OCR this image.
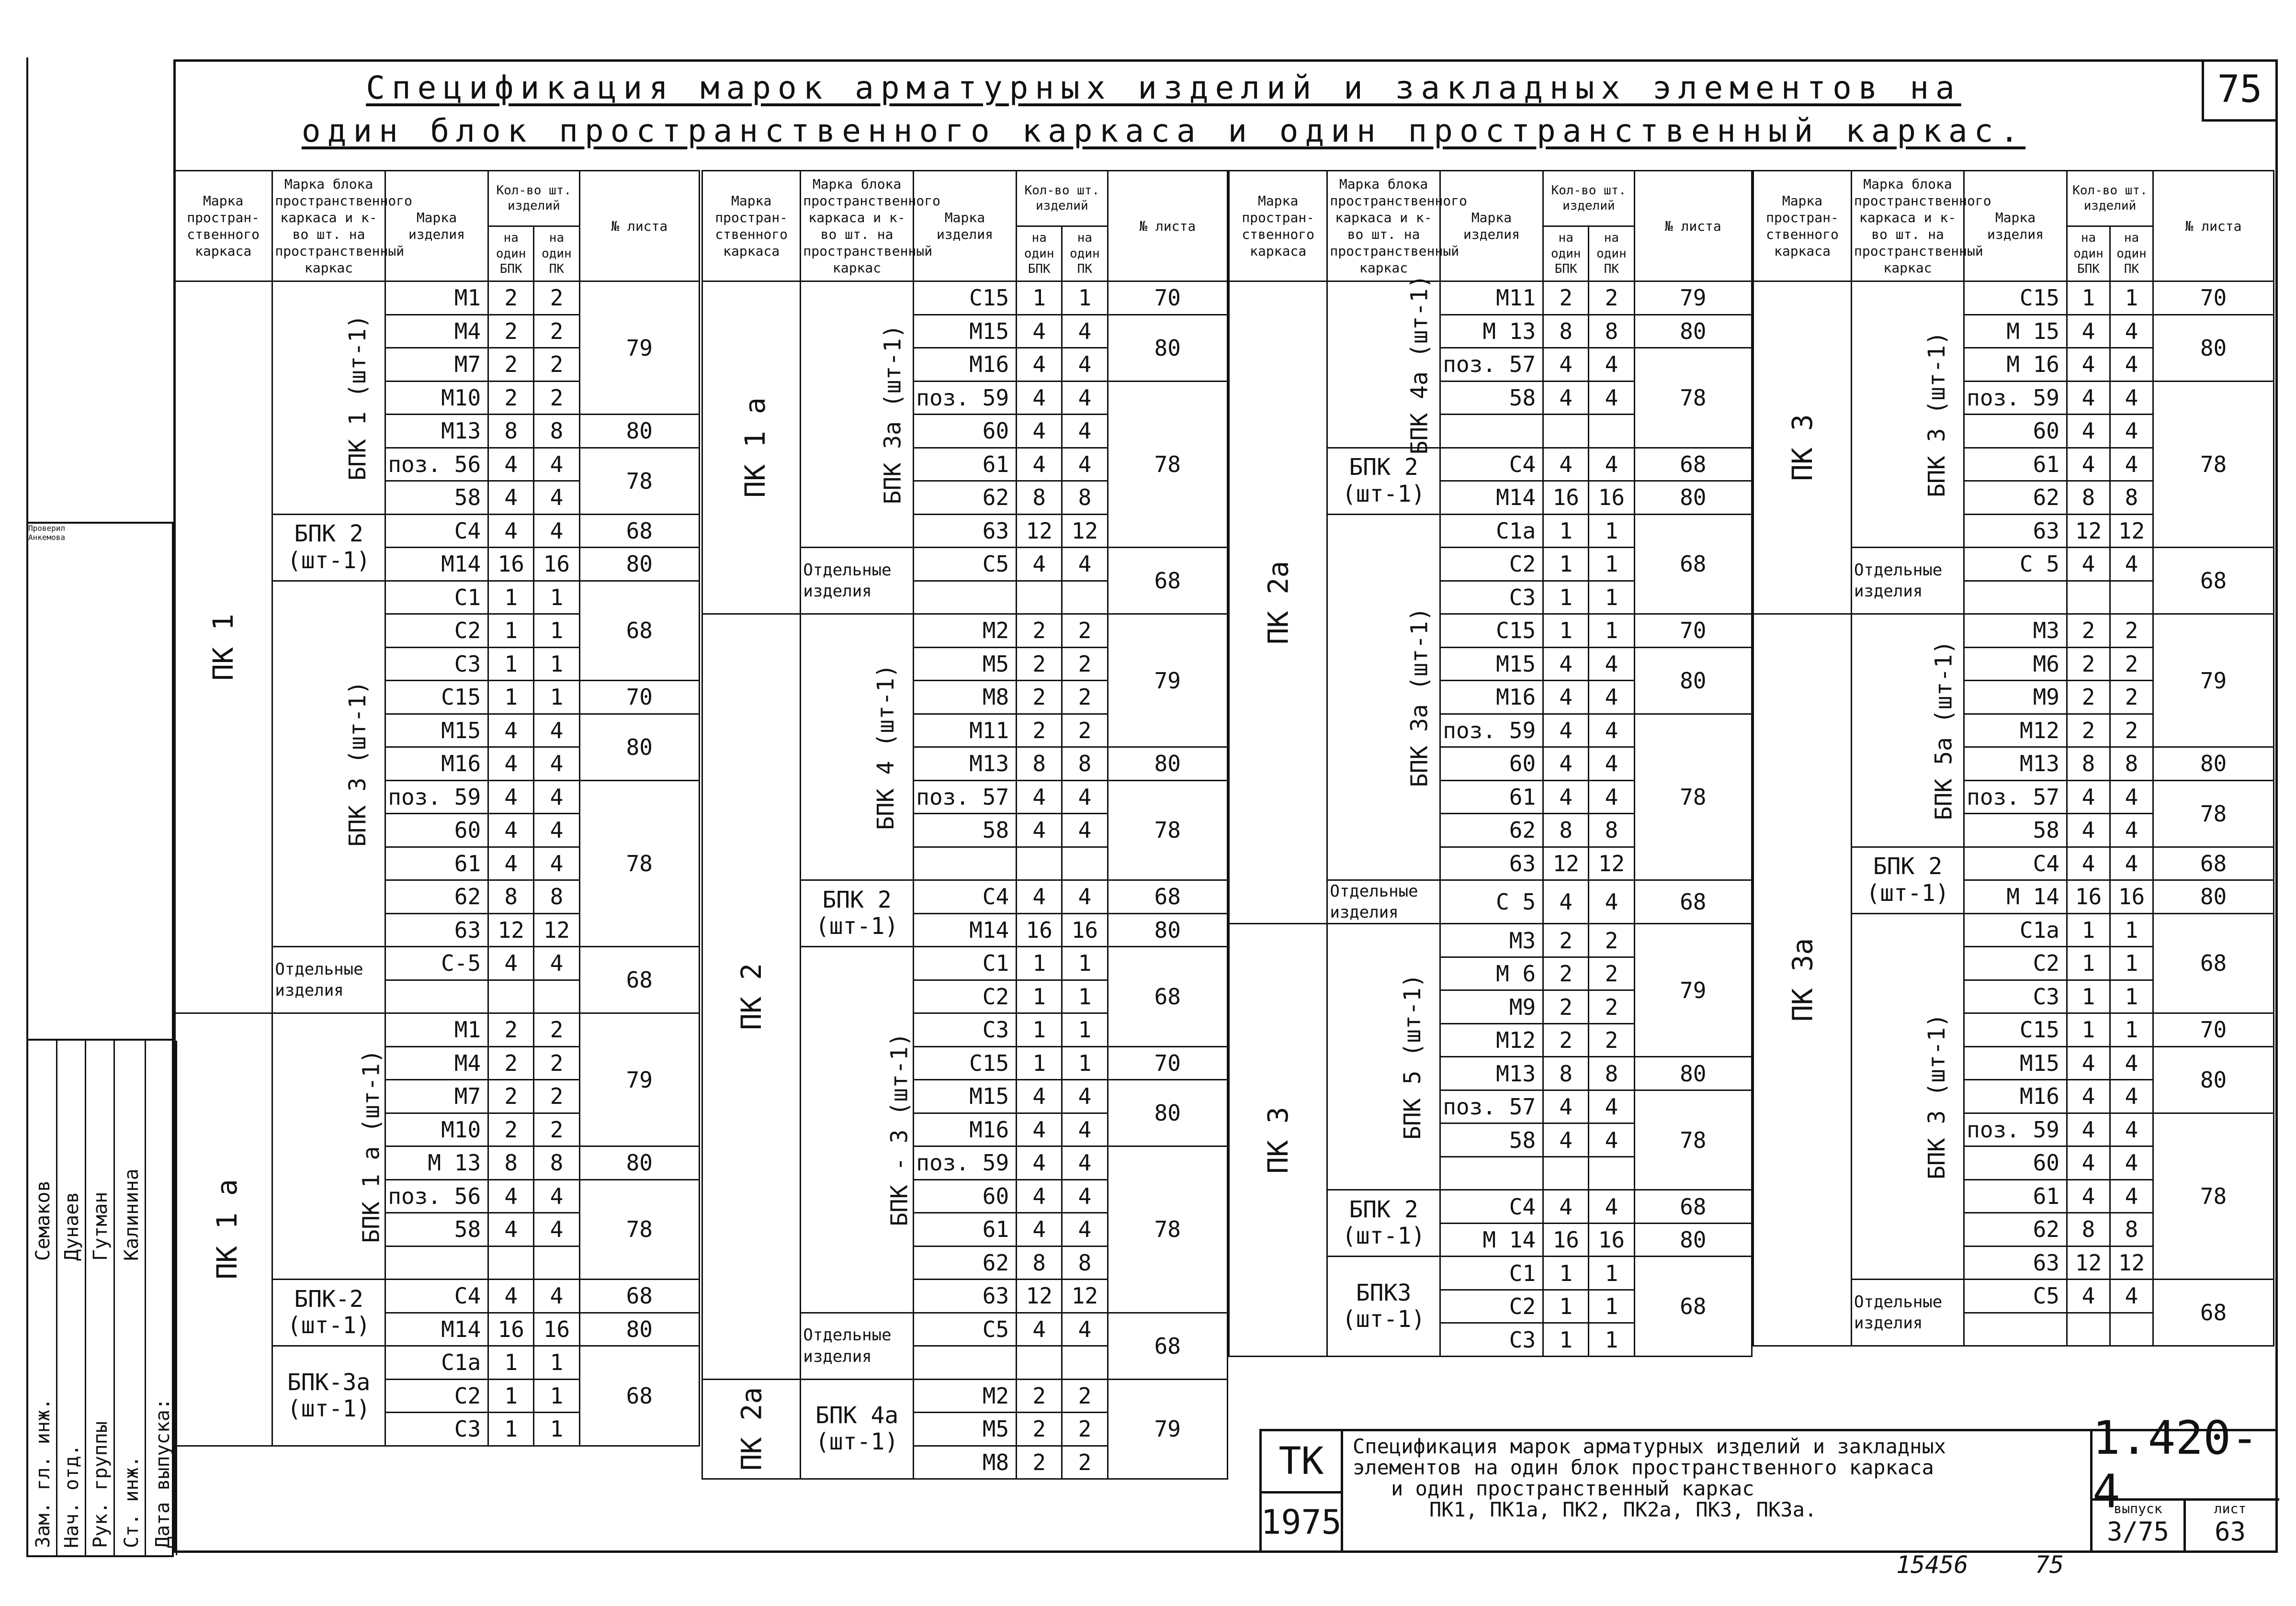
75
Спецификация марок арматурных изделий и закладных элементов на
один блок пространственного каркаса и один пространственный каркас.
Марка простран-ственного каркаса	Марка блока пространственного каркаса и к-во шт. на пространственный каркас	Марка изделия	Кол-во шт. изделий		№ листа
			на один БПК	на один ПК	
ПК 1	БПК 1 (шт-1)	М1	2	2	79
		М4	2	2	
		М7	2	2	
		М10	2	2	
		М13	8	8	80
		поз. 56	4	4	78
		58	4	4	
	БПК 2 (шт-1)	С4	4	4	68
		М14	16	16	80
	БПК 3 (шт-1)	С1	1	1	68
		С2	1	1	
		С3	1	1	
		С15	1	1	70
		М15	4	4	80
		М16	4	4	
		поз. 59	4	4	78
		60	4	4	
		61	4	4	
		62	8	8	
		63	12	12	
	Отдельные изделия	С-5	4	4	68

ПК 1 а	БПК 1 а (шт-1)	М1	2	2	79
		М4	2	2	
		М7	2	2	
		М10	2	2	
		М 13	8	8	80
		поз. 56	4	4	78
		58	4	4	

	БПК-2 (шт-1)	С4	4	4	68
		М14	16	16	80
	БПК-3а (шт-1)	С1а	1	1	68
		С2	1	1	
		С3	1	1	
Марка простран-ственного каркаса	Марка блока пространственного каркаса и к-во шт. на пространственный каркас	Марка изделия	Кол-во шт. изделий		№ листа
			на один БПК	на один ПК	
ПК 1 а	БПК 3а (шт-1)	С15	1	1	70
		М15	4	4	80
		М16	4	4	
		поз. 59	4	4	78
		60	4	4	
		61	4	4	
		62	8	8	
		63	12	12	
	Отдельные изделия	С5	4	4	68

ПК 2	БПК 4 (шт-1)	М2	2	2	79
		М5	2	2	
		М8	2	2	
		М11	2	2	
		М13	8	8	80
		поз. 57	4	4	78
		58	4	4	

	БПК 2 (шт-1)	С4	4	4	68
		М14	16	16	80
	БПК - 3 (шт-1)	С1	1	1	68
		С2	1	1	
		С3	1	1	
		С15	1	1	70
		М15	4	4	80
		М16	4	4	
		поз. 59	4	4	78
		60	4	4	
		61	4	4	
		62	8	8	
		63	12	12	
	Отдельные изделия	С5	4	4	68

ПК 2а	БПК 4а (шт-1)	М2	2	2	79
		М5	2	2	
		М8	2	2	
Марка простран-ственного каркаса	Марка блока пространственного каркаса и к-во шт. на пространственный каркас	Марка изделия	Кол-во шт. изделий		№ листа
			на один БПК	на один ПК	
ПК 2а	БПК 4а (шт-1)	М11	2	2	79
		М 13	8	8	80
		поз. 57	4	4	78
		58	4	4	

	БПК 2 (шт-1)	С4	4	4	68
		М14	16	16	80
	БПК 3а (шт-1)	С1а	1	1	68
		С2	1	1	
		С3	1	1	
		С15	1	1	70
		М15	4	4	80
		М16	4	4	
		поз. 59	4	4	78
		60	4	4	
		61	4	4	
		62	8	8	
		63	12	12	
	Отдельные изделия	С 5	4	4	68
ПК 3	БПК 5 (шт-1)	М3	2	2	79
		М 6	2	2	
		М9	2	2	
		М12	2	2	
		М13	8	8	80
		поз. 57	4	4	78
		58	4	4	

	БПК 2 (шт-1)	С4	4	4	68
		М 14	16	16	80
	БПК3 (шт-1)	С1	1	1	68
		С2	1	1	
		С3	1	1	
Марка простран-ственного каркаса	Марка блока пространственного каркаса и к-во шт. на пространственный каркас	Марка изделия	Кол-во шт. изделий		№ листа
			на один БПК	на один ПК	
ПК 3	БПК 3 (шт-1)	С15	1	1	70
		М 15	4	4	80
		М 16	4	4	
		поз. 59	4	4	78
		60	4	4	
		61	4	4	
		62	8	8	
		63	12	12	
	Отдельные изделия	С 5	4	4	68

ПК 3а	БПК 5а (шт-1)	М3	2	2	79
		М6	2	2	
		М9	2	2	
		М12	2	2	
		М13	8	8	80
		поз. 57	4	4	78
		58	4	4	
	БПК 2 (шт-1)	С4	4	4	68
		М 14	16	16	80
	БПК 3 (шт-1)	С1а	1	1	68
		С2	1	1	
		С3	1	1	
		С15	1	1	70
		М15	4	4	80
		М16	4	4	
		поз. 59	4	4	78
		60	4	4	
		61	4	4	
		62	8	8	
		63	12	12	
	Отдельные изделия	С5	4	4	68

ТК
1975
Спецификация марок арматурных изделий и закладных
элементов на один блок пространственного каркаса
и один пространственный каркас
ПК1, ПК1а, ПК2, ПК2а, ПК3, ПК3а.
1.420-4
выпуск
3/75
лист
63
15456	75
Проверил
Анкемова
Зам. гл. инж.
Семаков
Нач. отд.
Дунаев
Рук. группы
Гутман
Ст. инж.
Калинина
Дата выпуска:
